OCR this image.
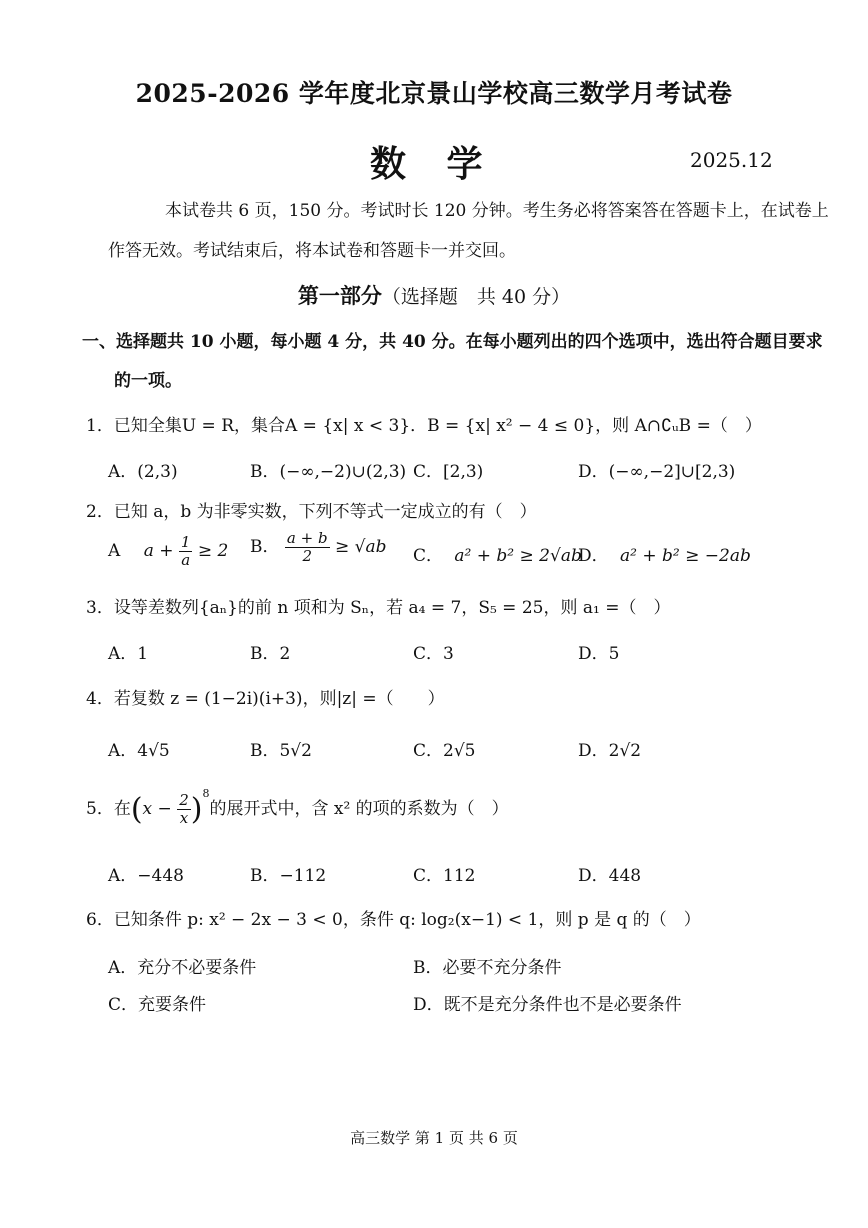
2025-2026 学年度北京景山学校高三数学月考试卷
数 学	2025.12
本试卷共 6 页，150 分。考试时长 120 分钟。考生务必将答案答在答题卡上，在试卷上
作答无效。考试结束后，将本试卷和答题卡一并交回。
第一部分（选择题　共 40 分）
一、选择题共 10 小题，每小题 4 分，共 40 分。在每小题列出的四个选项中，选出符合题目要求
的一项。
1．已知全集U = R，集合A = {x| x < 3}．B = {x| x² − 4 ≤ 0}，则 A∩∁ᵤB =（　）
A．(2,3)	B．(−∞,−2)∪(2,3) C．[2,3)	D．(−∞,−2]∪[2,3)
2．已知 a，b 为非零实数，下列不等式一定成立的有（　）
A $a + \frac{1}{a} \ge 2$ B． $\frac{a + b}{2} \ge √ab$ C． a² + b² ≥ 2√ab
D． a² + b² ≥ −2ab
3．设等差数列{aₙ}的前 n 项和为 Sₙ，若 a₄ = 7，S₅ = 25，则 a₁ =（　）
A．1	B．2	C．3	D．5
4．若复数 z = (1−2i)(i+3)，则|z| =（　　）
A．4√5	B．5√2	C．2√5	D．2√2
5．在$(x - \frac{2}{x} )^8$的展开式中，含 x² 的项的系数为（　）
A．−448	B．−112	C．112	D．448
6．已知条件 p: x² − 2x − 3 < 0，条件 q: log₂(x−1) < 1，则 p 是 q 的（　）
A．充分不必要条件	B．必要不充分条件
C．充要条件	D．既不是充分条件也不是必要条件
高三数学 第 1 页 共 6 页
